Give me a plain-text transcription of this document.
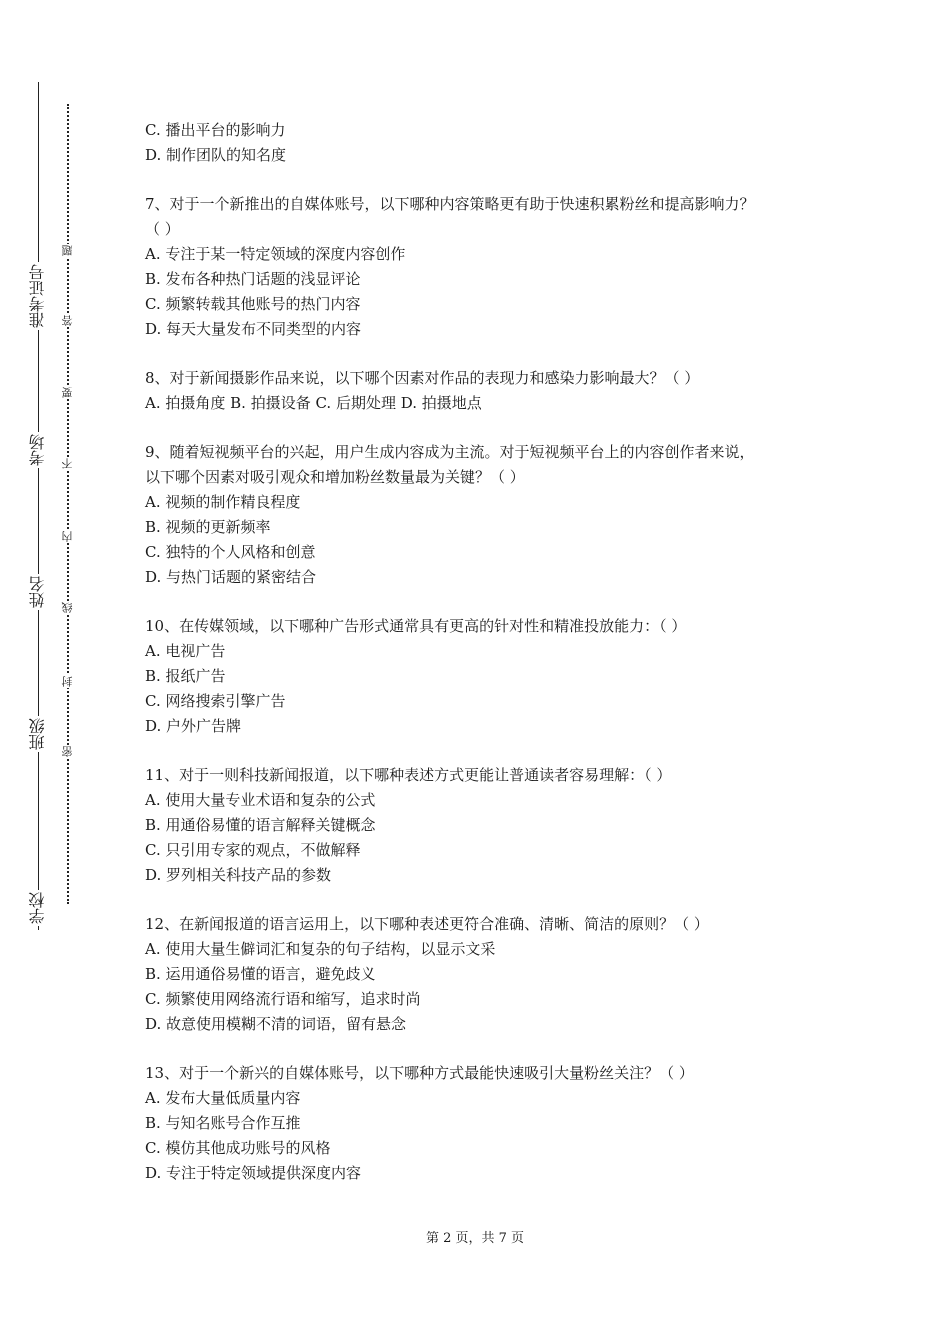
准考证号
考场
姓名
班级
学校
题
答
要
不
内
线
封
密
C. 播出平台的影响力
D. 制作团队的知名度
7、对于一个新推出的自媒体账号，以下哪种内容策略更有助于快速积累粉丝和提高影响力？
（ ）
A. 专注于某一特定领域的深度内容创作
B. 发布各种热门话题的浅显评论
C. 频繁转载其他账号的热门内容
D. 每天大量发布不同类型的内容
8、对于新闻摄影作品来说，以下哪个因素对作品的表现力和感染力影响最大？（ ）
A. 拍摄角度 B. 拍摄设备 C. 后期处理 D. 拍摄地点
9、随着短视频平台的兴起，用户生成内容成为主流。对于短视频平台上的内容创作者来说，
以下哪个因素对吸引观众和增加粉丝数量最为关键？（ ）
A. 视频的制作精良程度
B. 视频的更新频率
C. 独特的个人风格和创意
D. 与热门话题的紧密结合
10、在传媒领域，以下哪种广告形式通常具有更高的针对性和精准投放能力：（ ）
A. 电视广告
B. 报纸广告
C. 网络搜索引擎广告
D. 户外广告牌
11、对于一则科技新闻报道，以下哪种表述方式更能让普通读者容易理解：（ ）
A. 使用大量专业术语和复杂的公式
B. 用通俗易懂的语言解释关键概念
C. 只引用专家的观点，不做解释
D. 罗列相关科技产品的参数
12、在新闻报道的语言运用上，以下哪种表述更符合准确、清晰、简洁的原则？（ ）
A. 使用大量生僻词汇和复杂的句子结构，以显示文采
B. 运用通俗易懂的语言，避免歧义
C. 频繁使用网络流行语和缩写，追求时尚
D. 故意使用模糊不清的词语，留有悬念
13、对于一个新兴的自媒体账号，以下哪种方式最能快速吸引大量粉丝关注？（ ）
A. 发布大量低质量内容
B. 与知名账号合作互推
C. 模仿其他成功账号的风格
D. 专注于特定领域提供深度内容
第 2 页，共 7 页
